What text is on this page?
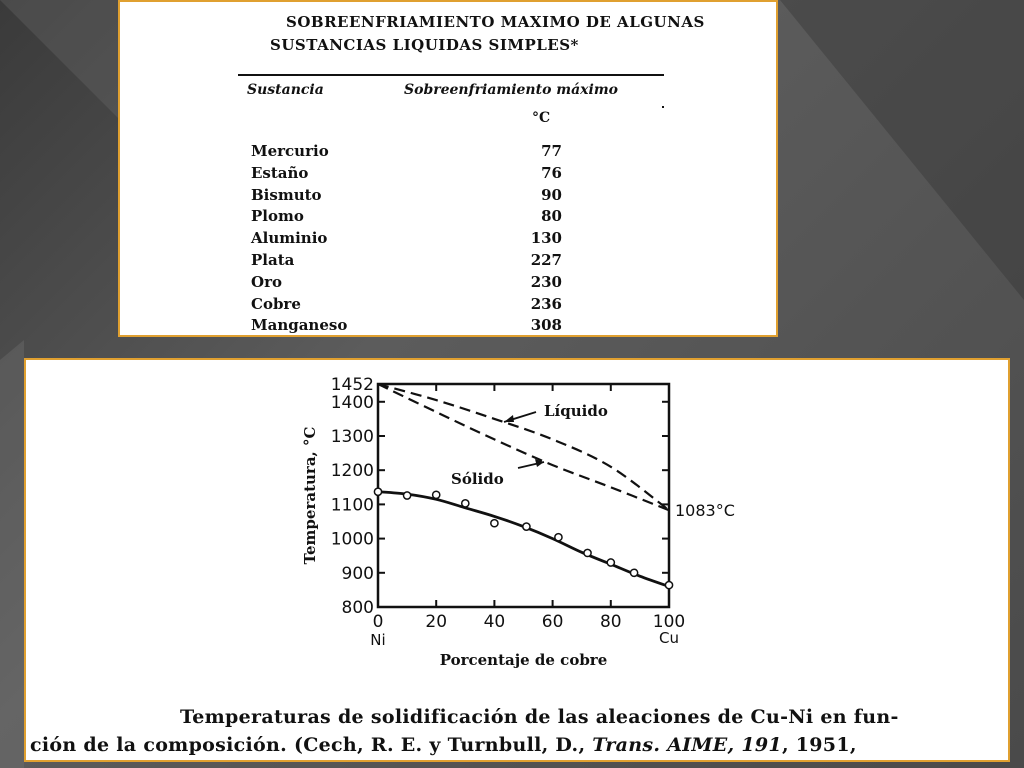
SOBREENFRIAMIENTO MAXIMO DE ALGUNAS
SUSTANCIAS LIQUIDAS SIMPLES*
Sustancia	Sobreenfriamiento máximo
°C
Mercurio	77
Estaño	76
Bismuto	90
Plomo	80
Aluminio	130
Plata	227
Oro	230
Cobre	236
Manganeso	308
800
900
1000
1100
1200
1300
1400
1452
0 20 40 60 80 100
Ni	Cu
Porcentaje de cobre
Temperatura, °C
Líquido
Sólido
1083°C
Temperaturas de solidificación de las aleaciones de Cu-Ni en fun-
ción de la composición. (Cech, R. E. y Turnbull, D., Trans. AIME, 191, 1951,
